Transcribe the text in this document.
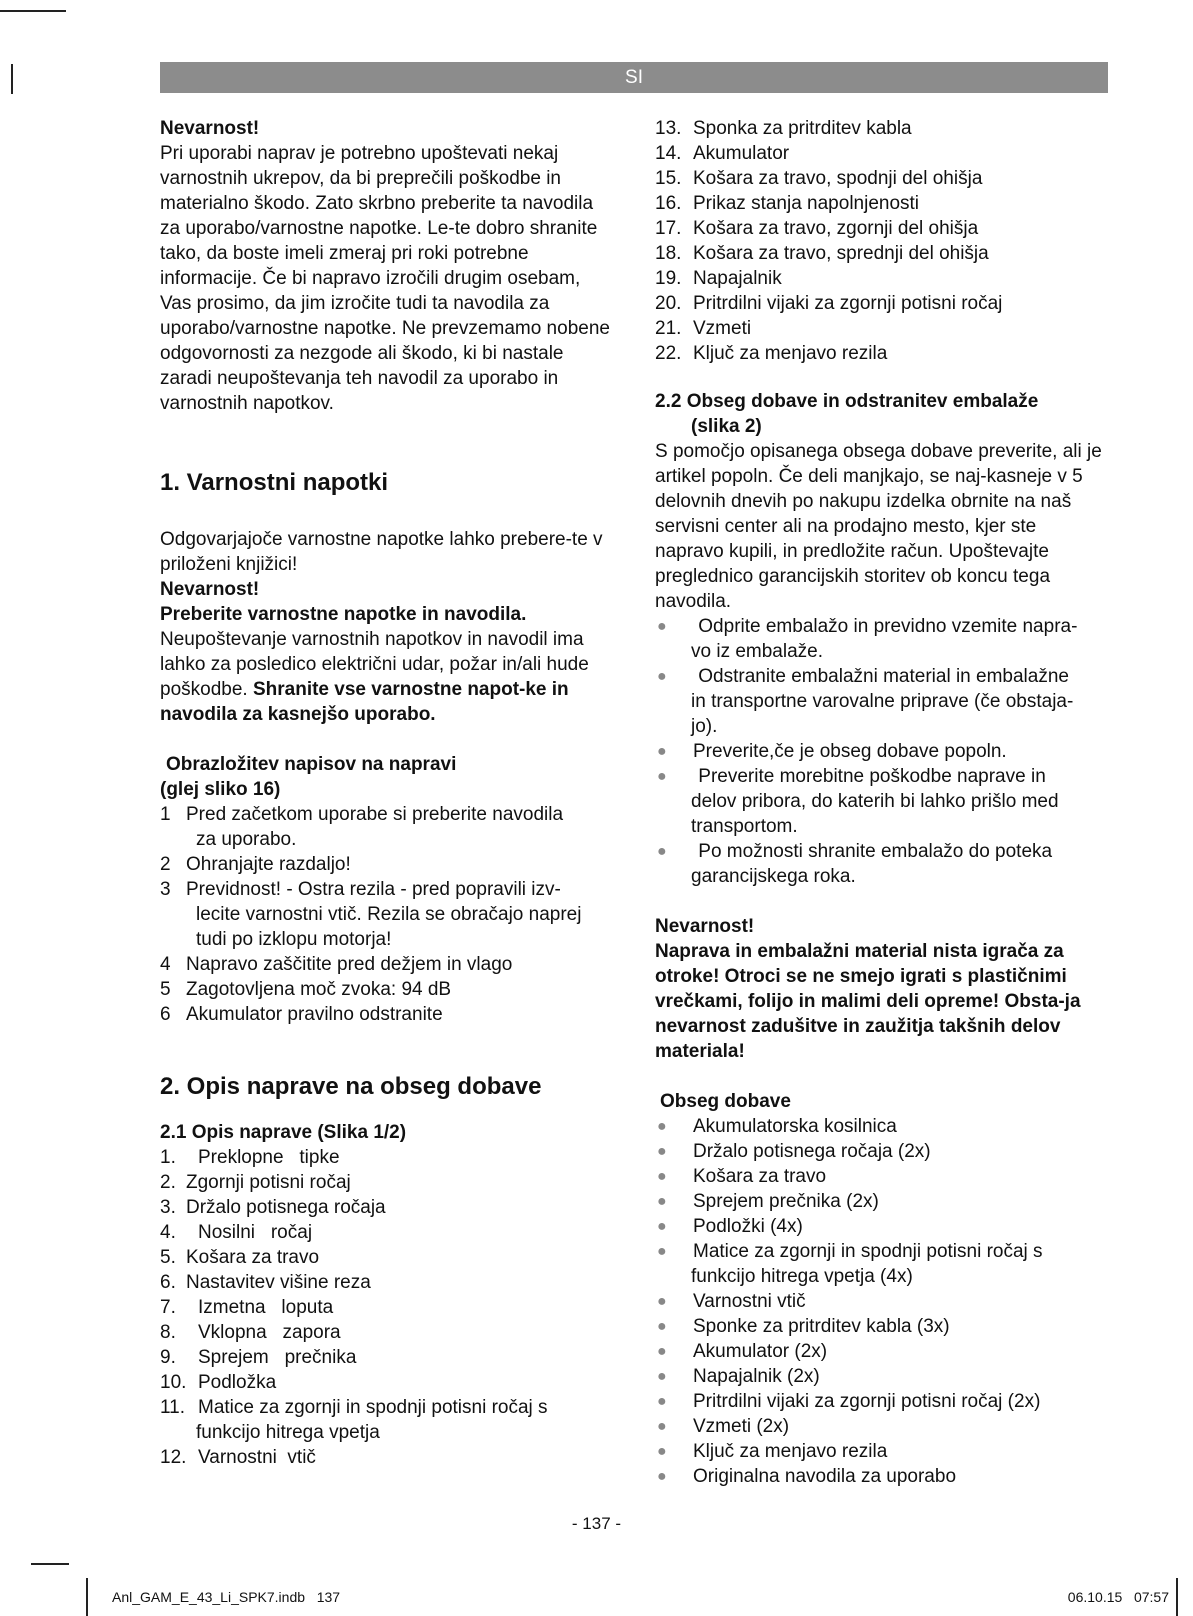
SI

Nevarnost!

Pri uporabi naprav je potrebno upoštevati nekaj varnostnih ukrepov, da bi preprečili poškodbe in materialno škodo. Zato skrbno preberite ta navodila za uporabo/varnostne napotke. Le-te dobro shranite tako, da boste imeli zmeraj pri roki potrebne informacije. Če bi napravo izročili drugim osebam, Vas prosimo, da jim izročite tudi ta navodila za uporabo/varnostne napotke. Ne prevzemamo nobene odgovornosti za nezgode ali škodo, ki bi nastale zaradi neupoštevanja teh navodil za uporabo in varnostnih napotkov.

1. Varnostni napotki

Odgovarjajoče varnostne napotke lahko prebere-te v priloženi knjižici!

Nevarnost!

Preberite varnostne napotke in navodila.

Neupoštevanje varnostnih napotkov in navodil ima lahko za posledico električni udar, požar in/ali hude poškodbe. Shranite vse varnostne napot-ke in navodila za kasnejšo uporabo.

Obrazložitev napisov na napravi

(glej sliko 16)

1 Pred začetkom uporabe si preberite navodila
za uporabo.
2 Ohranjajte razdaljo!
3 Previdnost! - Ostra rezila - pred popravili izv-
lecite varnostni vtič. Rezila se obračajo naprej
tudi po izklopu motorja!
4 Napravo zaščitite pred dežjem in vlago
5 Zagotovljena moč zvoka: 94 dB
6 Akumulator pravilno odstranite
2. Opis naprave na obseg dobave

2.1 Opis naprave (Slika 1/2)

1.	Preklopne   tipke
2. Zgornji potisni ročaj
3. Držalo potisnega ročaja
4.	Nosilni   ročaj
5. Košara za travo
6. Nastavitev višine reza
7.	Izmetna   loputa
8.	Vklopna   zapora
9.	Sprejem   prečnika
10. Podložka
11. Matice za zgornji in spodnji potisni ročaj s
funkcijo hitrega vpetja
12. Varnostni  vtič
13. Sponka za pritrditev kabla
14. Akumulator
15. Košara za travo, spodnji del ohišja
16. Prikaz stanja napolnjenosti
17. Košara za travo, zgornji del ohišja
18. Košara za travo, sprednji del ohišja
19. Napajalnik
20. Pritrdilni vijaki za zgornji potisni ročaj
21. Vzmeti
22. Ključ za menjavo rezila

2.2 Obseg dobave in odstranitev embalaže

(slika 2)

S pomočjo opisanega obsega dobave preverite, ali je artikel popoln. Če deli manjkajo, se naj-kasneje v 5 delovnih dnevih po nakupu izdelka obrnite na naš servisni center ali na prodajno mesto, kjer ste napravo kupili, in predložite račun. Upoštevajte preglednico garancijskih storitev ob koncu tega navodila.

●	Odprite embalažo in previdno vzemite napra-
vo iz embalaže.
●	Odstranite embalažni material in embalažne
in transportne varovalne priprave (če obstaja-
jo).
●	Preverite,če je obseg dobave popoln.
●	Preverite morebitne poškodbe naprave in
delov pribora, do katerih bi lahko prišlo med
transportom.
●	Po možnosti shranite embalažo do poteka
garancijskega roka.

Nevarnost!

Naprava in embalažni material nista igrača za otroke! Otroci se ne smejo igrati s plastičnimi vrečkami, folijo in malimi deli opreme! Obsta-ja nevarnost zadušitve in zaužitja takšnih delov materiala!

Obseg dobave

●	Akumulatorska kosilnica
●	Držalo potisnega ročaja (2x)
●	Košara za travo
●	Sprejem prečnika (2x)
●	Podložki (4x)
●	Matice za zgornji in spodnji potisni ročaj s
funkcijo hitrega vpetja (4x)
●	Varnostni vtič
●	Sponke za pritrditev kabla (3x)
●	Akumulator (2x)
●	Napajalnik (2x)
●	Pritrdilni vijaki za zgornji potisni ročaj (2x)
●	Vzmeti (2x)
●	Ključ za menjavo rezila
●	Originalna navodila za uporabo
- 137 -
Anl_GAM_E_43_Li_SPK7.indb   137	06.10.15   07:57
